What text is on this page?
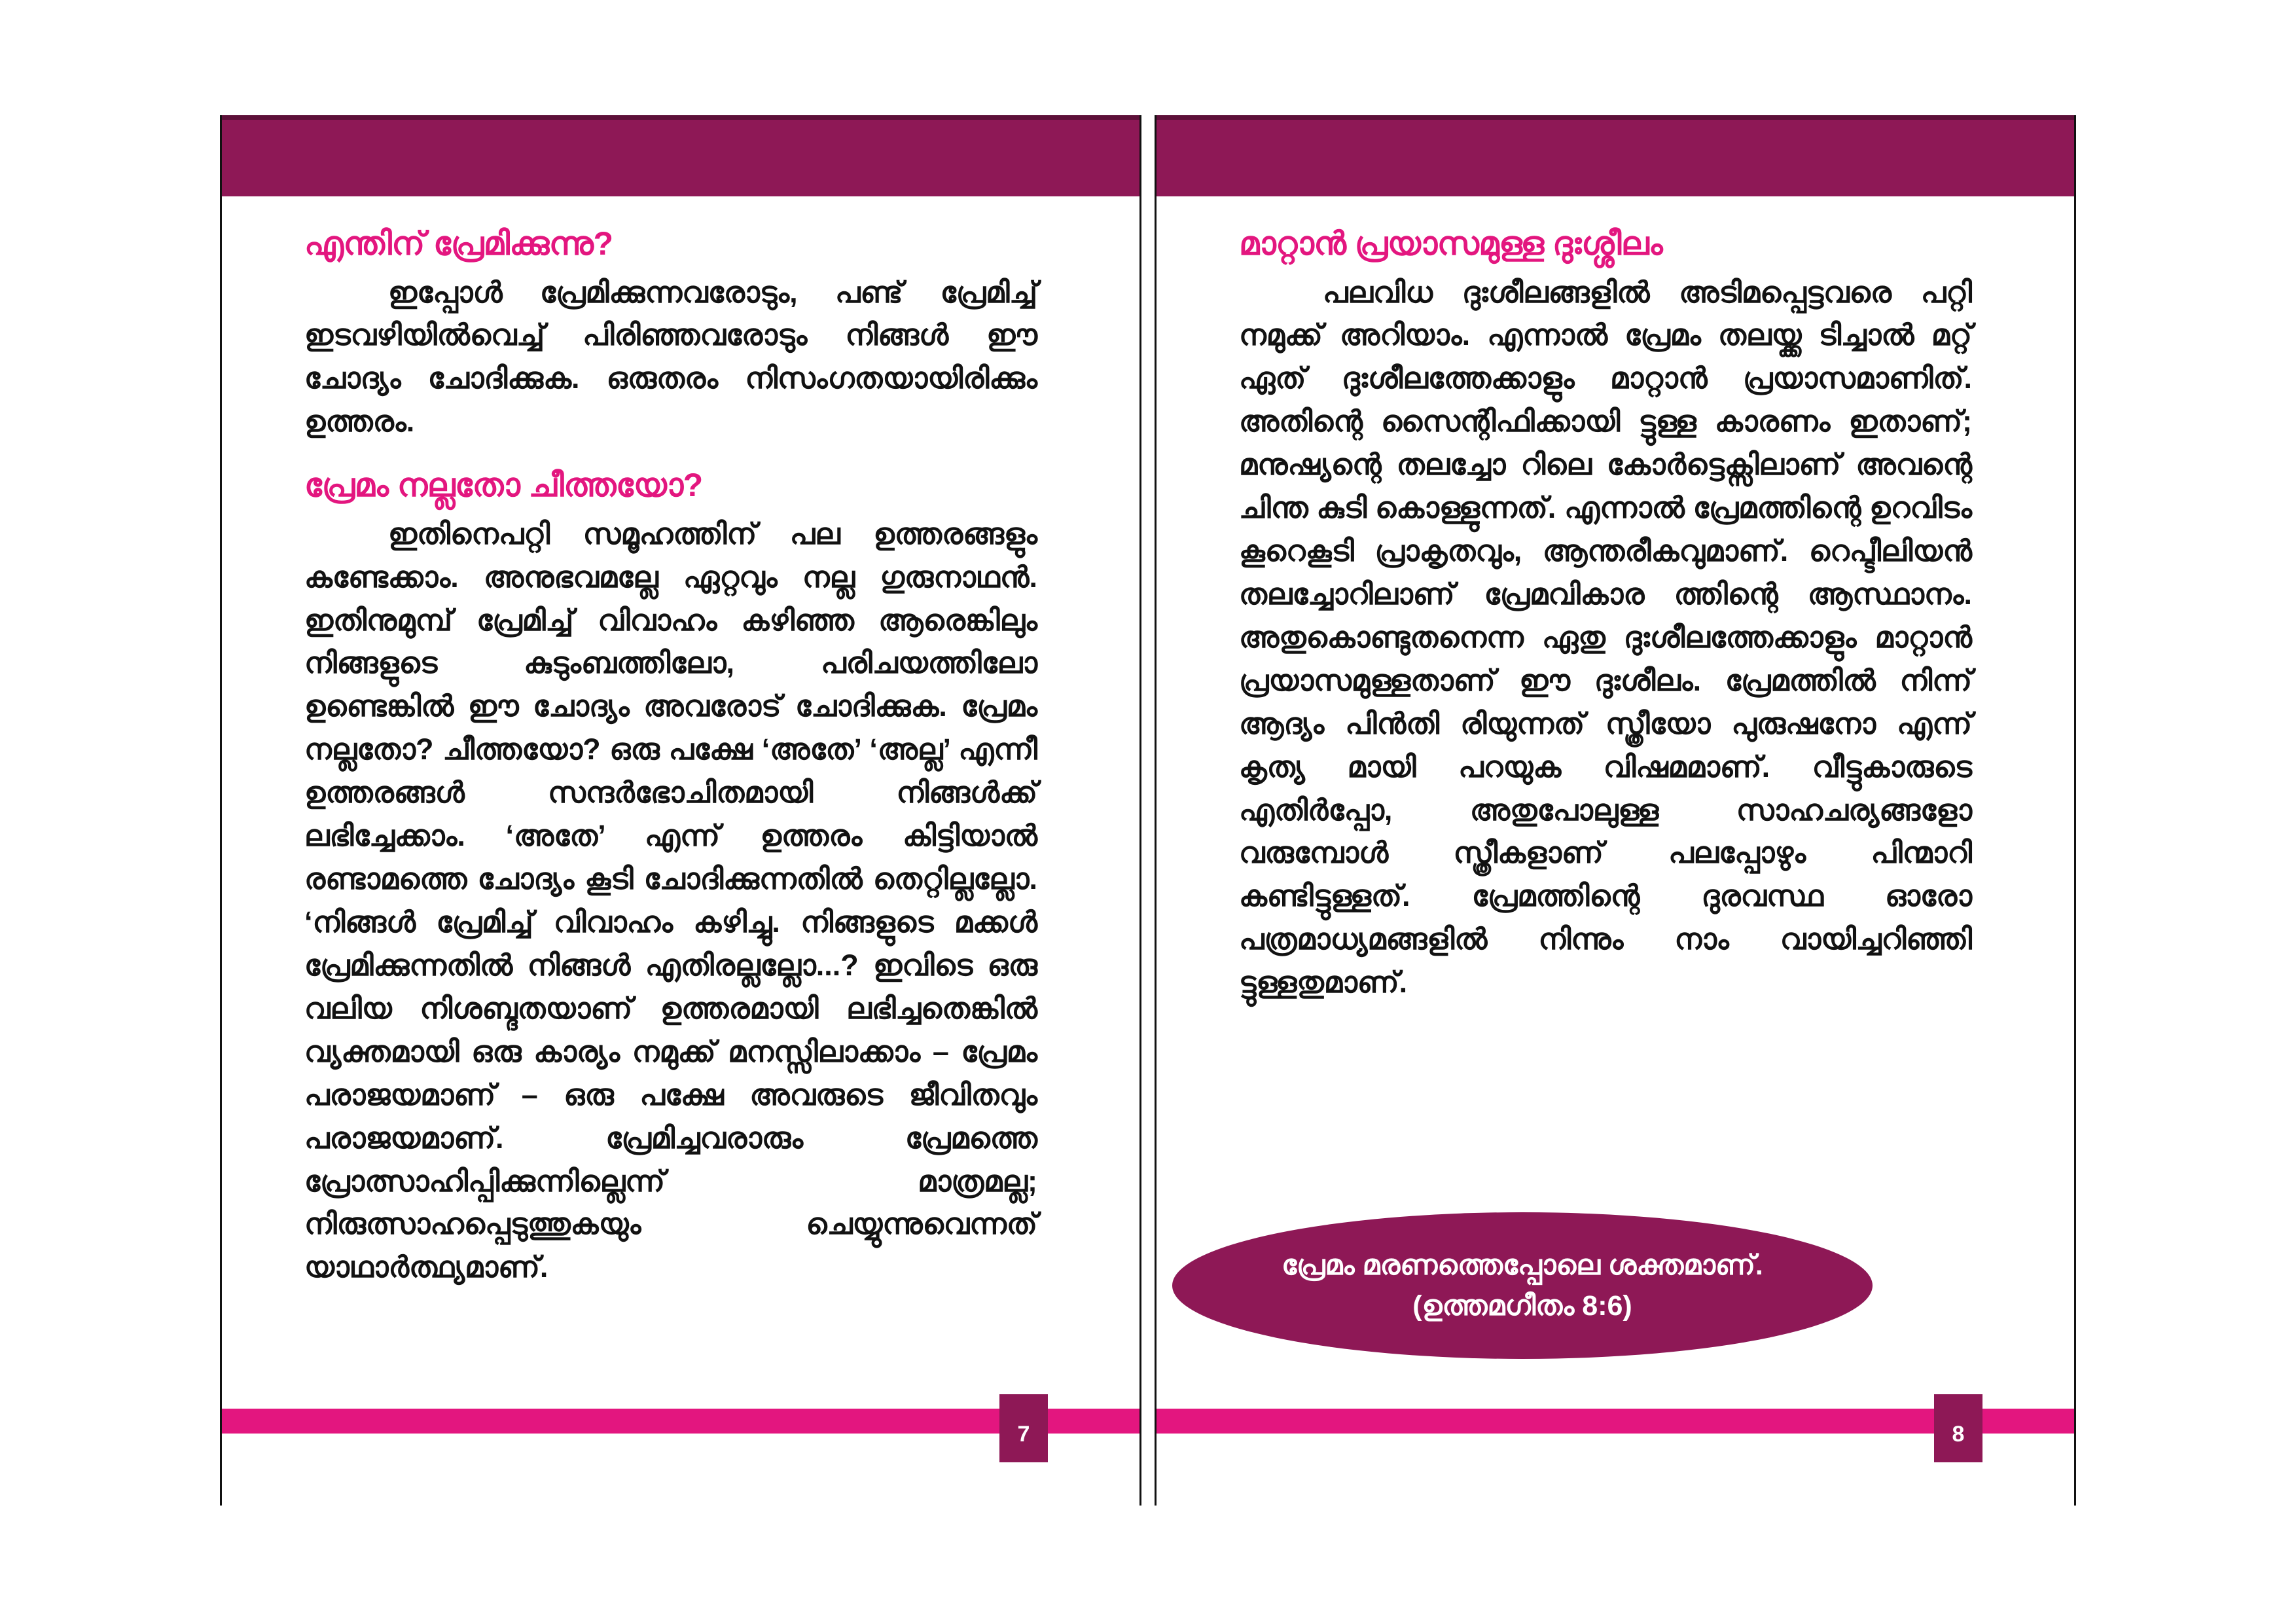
എന്തിന് പ്രേമിക്കുന്നു?

ഇപ്പോൾ പ്രേമിക്കുന്നവരോടും, പണ്ട് പ്രേമിച്ച് ഇടവഴിയിൽവെച്ച് പിരിഞ്ഞവരോടും നിങ്ങൾ ഈ ചോദ്യം ചോദിക്കുക. ഒരുതരം നിസംഗതയായിരിക്കും ഉത്തരം.

പ്രേമം നല്ലതോ ചീത്തയോ?

ഇതിനെപറ്റി സമൂഹത്തിന് പല ഉത്തരങ്ങളും കണ്ടേക്കാം. അനുഭവമല്ലേ ഏറ്റവും നല്ല ഗുരുനാഥൻ. ഇതിനുമുമ്പ് പ്രേമിച്ച് വിവാഹം കഴിഞ്ഞ ആരെങ്കിലും നിങ്ങളുടെ കുടുംബത്തിലോ, പരിചയത്തിലോ ഉണ്ടെങ്കിൽ ഈ ചോദ്യം അവരോട് ചോദിക്കുക. പ്രേമം നല്ലതോ? ചീത്തയോ? ഒരു പക്ഷേ ‘അതേ’ ‘അല്ല’ എന്നീ ഉത്തരങ്ങൾ സന്ദർഭോചിതമായി നിങ്ങൾക്ക് ലഭിച്ചേക്കാം. ‘അതേ’ എന്ന് ഉത്തരം കിട്ടിയാൽ രണ്ടാമത്തെ ചോദ്യം കൂടി ചോദിക്കുന്നതിൽ തെറ്റില്ലല്ലോ. ‘നിങ്ങൾ പ്രേമിച്ച് വിവാഹം കഴിച്ചു. നിങ്ങളുടെ മക്കൾ പ്രേമിക്കുന്നതിൽ നിങ്ങൾ എതിരല്ലല്ലോ...? ഇവിടെ ഒരു വലിയ നിശബ്ദതയാണ് ഉത്തരമായി ലഭിച്ചതെങ്കിൽ വ്യക്തമായി ഒരു കാര്യം നമുക്ക് മനസ്സിലാക്കാം – പ്രേമം പരാജയമാണ് – ഒരു പക്ഷേ അവരുടെ ജീവിതവും പരാജയമാണ്. പ്രേമിച്ചവരാരും പ്രേമത്തെ പ്രോത്സാഹിപ്പിക്കുന്നില്ലെന്ന് മാത്രമല്ല; നിരുത്സാഹപ്പെടുത്തുകയും ചെയ്യുന്നുവെന്നത് യാഥാർത്ഥ്യമാണ്.

7
മാറ്റാൻ പ്രയാസമുള്ള ദുഃശ്ശീലം

പലവിധ ദുഃശീലങ്ങളിൽ അടിമപ്പെട്ടവരെ പറ്റി നമുക്ക് അറിയാം. എന്നാൽ പ്രേമം തലയ്ക്ക ടിച്ചാൽ മറ്റ് ഏത് ദുഃശീലത്തേക്കാളും മാറ്റാൻ പ്രയാസമാണിത്. അതിന്റെ സൈന്റിഫിക്കായി ട്ടുള്ള കാരണം ഇതാണ്; മനുഷ്യന്റെ തലച്ചോ റിലെ കോർട്ടെക്സിലാണ് അവന്റെ ചിന്ത കുടി കൊള്ളുന്നത്. എന്നാൽ പ്രേമത്തിന്റെ ഉറവിടം കൂറെകൂടി പ്രാകൃതവും, ആന്തരീകവുമാണ്. റെപ്ടീലിയൻ തലച്ചോറിലാണ് പ്രേമവികാര ത്തിന്റെ ആസ്ഥാനം. അതുകൊണ്ടുതനെന്ന ഏതു ദുഃശീലത്തേക്കാളും മാറ്റാൻ പ്രയാസമുള്ളതാണ് ഈ ദുഃശീലം. പ്രേമത്തിൽ നിന്ന് ആദ്യം പിൻതി രിയുന്നത് സ്ത്രീയോ പുരുഷനോ എന്ന് കൃത്യ മായി പറയുക വിഷമമാണ്. വീട്ടുകാരുടെ എതിർപ്പോ, അതുപോലുള്ള സാഹചര്യങ്ങളോ വരുമ്പോൾ സ്ത്രീകളാണ് പലപ്പോഴും പിന്മാറി കണ്ടിട്ടുള്ളത്. പ്രേമത്തിന്റെ ദുരവസ്ഥ ഓരോ പത്രമാധ്യമങ്ങളിൽ നിന്നും നാം വായിച്ചറിഞ്ഞി ട്ടുള്ളതുമാണ്.

പ്രേമം മരണത്തെപ്പോലെ ശക്തമാണ്.
(ഉത്തമഗീതം 8:6)
8
